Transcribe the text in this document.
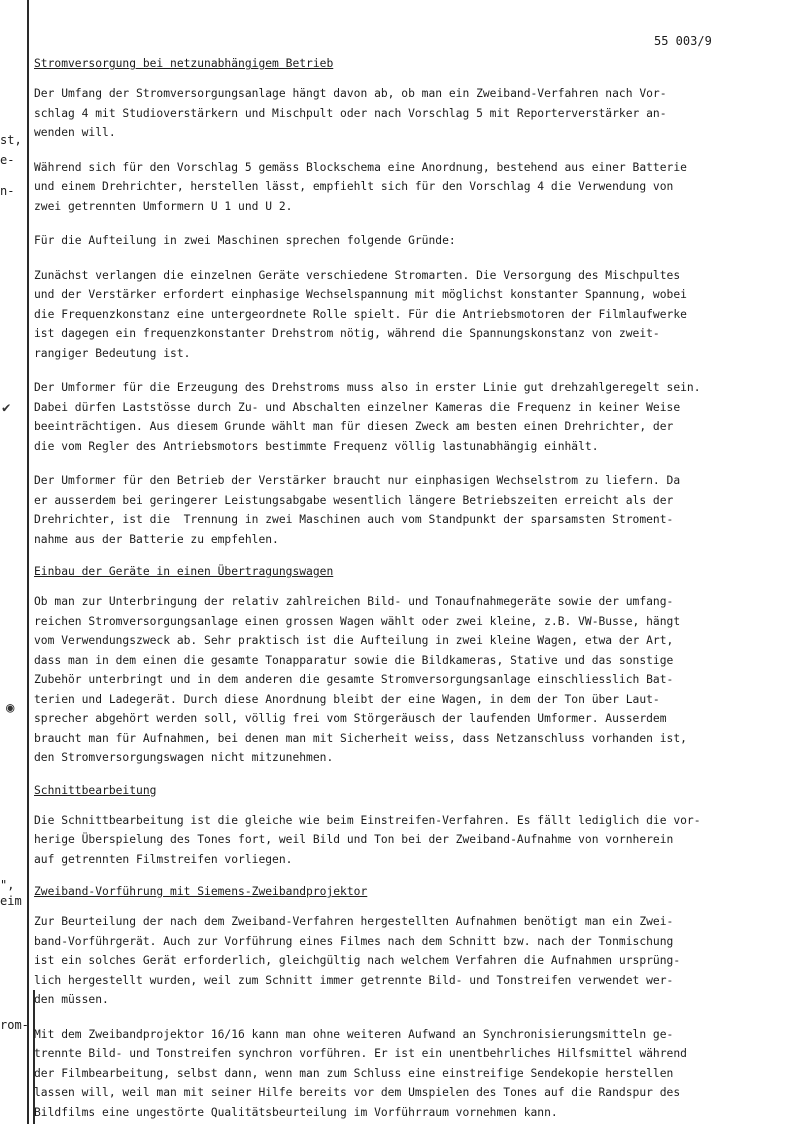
st,
e-
n-
",
eim
rom-
✔
◉
55 003/9
Stromversorgung bei netzunabhängigem Betrieb
Der Umfang der Stromversorgungsanlage hängt davon ab, ob man ein Zweiband-Verfahren nach Vor-
schlag 4 mit Studioverstärkern und Mischpult oder nach Vorschlag 5 mit Reporterverstärker an-
wenden will.
Während sich für den Vorschlag 5 gemäss Blockschema eine Anordnung, bestehend aus einer Batterie
und einem Drehrichter, herstellen lässt, empfiehlt sich für den Vorschlag 4 die Verwendung von
zwei getrennten Umformern U 1 und U 2.
Für die Aufteilung in zwei Maschinen sprechen folgende Gründe:
Zunächst verlangen die einzelnen Geräte verschiedene Stromarten. Die Versorgung des Mischpultes
und der Verstärker erfordert einphasige Wechselspannung mit möglichst konstanter Spannung, wobei
die Frequenzkonstanz eine untergeordnete Rolle spielt. Für die Antriebsmotoren der Filmlaufwerke
ist dagegen ein frequenzkonstanter Drehstrom nötig, während die Spannungskonstanz von zweit-
rangiger Bedeutung ist.
Der Umformer für die Erzeugung des Drehstroms muss also in erster Linie gut drehzahlgeregelt sein.
Dabei dürfen Laststösse durch Zu- und Abschalten einzelner Kameras die Frequenz in keiner Weise
beeinträchtigen. Aus diesem Grunde wählt man für diesen Zweck am besten einen Drehrichter, der
die vom Regler des Antriebsmotors bestimmte Frequenz völlig lastunabhängig einhält.
Der Umformer für den Betrieb der Verstärker braucht nur einphasigen Wechselstrom zu liefern. Da
er ausserdem bei geringerer Leistungsabgabe wesentlich längere Betriebszeiten erreicht als der
Drehrichter, ist die  Trennung in zwei Maschinen auch vom Standpunkt der sparsamsten Stroment-
nahme aus der Batterie zu empfehlen.
Einbau der Geräte in einen Übertragungswagen
Ob man zur Unterbringung der relativ zahlreichen Bild- und Tonaufnahmegeräte sowie der umfang-
reichen Stromversorgungsanlage einen grossen Wagen wählt oder zwei kleine, z.B. VW-Busse, hängt
vom Verwendungszweck ab. Sehr praktisch ist die Aufteilung in zwei kleine Wagen, etwa der Art,
dass man in dem einen die gesamte Tonapparatur sowie die Bildkameras, Stative und das sonstige
Zubehör unterbringt und in dem anderen die gesamte Stromversorgungsanlage einschliesslich Bat-
terien und Ladegerät. Durch diese Anordnung bleibt der eine Wagen, in dem der Ton über Laut-
sprecher abgehört werden soll, völlig frei vom Störgeräusch der laufenden Umformer. Ausserdem
braucht man für Aufnahmen, bei denen man mit Sicherheit weiss, dass Netzanschluss vorhanden ist,
den Stromversorgungswagen nicht mitzunehmen.
Schnittbearbeitung
Die Schnittbearbeitung ist die gleiche wie beim Einstreifen-Verfahren. Es fällt lediglich die vor-
herige Überspielung des Tones fort, weil Bild und Ton bei der Zweiband-Aufnahme von vornherein
auf getrennten Filmstreifen vorliegen.
Zweiband-Vorführung mit Siemens-Zweibandprojektor
Zur Beurteilung der nach dem Zweiband-Verfahren hergestellten Aufnahmen benötigt man ein Zwei-
band-Vorführgerät. Auch zur Vorführung eines Filmes nach dem Schnitt bzw. nach der Tonmischung
ist ein solches Gerät erforderlich, gleichgültig nach welchem Verfahren die Aufnahmen ursprüng-
lich hergestellt wurden, weil zum Schnitt immer getrennte Bild- und Tonstreifen verwendet wer-
den müssen.
Mit dem Zweibandprojektor 16/16 kann man ohne weiteren Aufwand an Synchronisierungsmitteln ge-
trennte Bild- und Tonstreifen synchron vorführen. Er ist ein unentbehrliches Hilfsmittel während
der Filmbearbeitung, selbst dann, wenn man zum Schluss eine einstreifige Sendekopie herstellen
lassen will, weil man mit seiner Hilfe bereits vor dem Umspielen des Tones auf die Randspur des
Bildfilms eine ungestörte Qualitätsbeurteilung im Vorführraum vornehmen kann.
